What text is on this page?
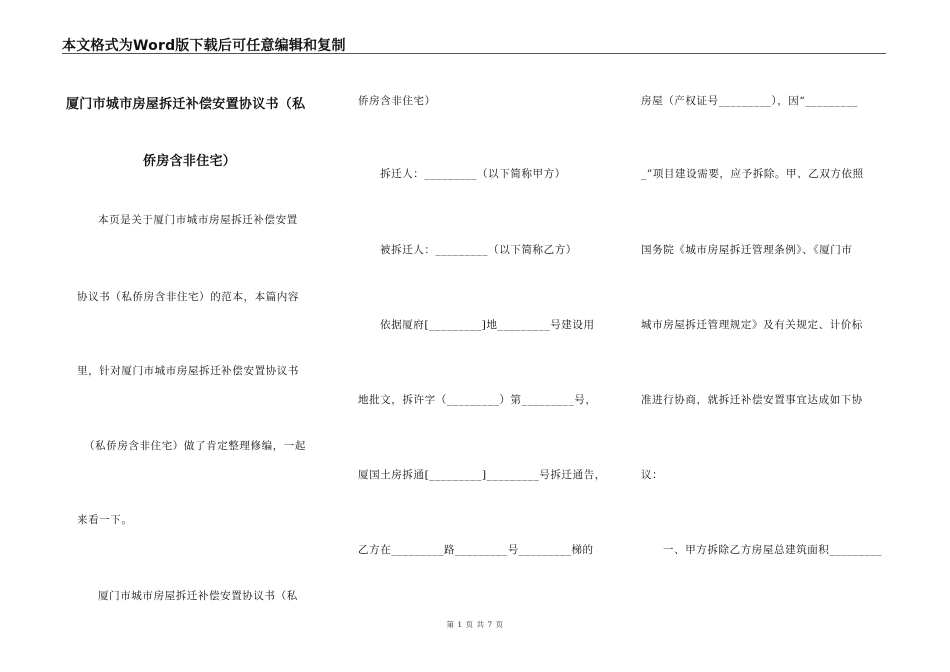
本文格式为Word版下载后可任意编辑和复制
厦门市城市房屋拆迁补偿安置协议书（私
侨房含非住宅）
本页是关于厦门市城市房屋拆迁补偿安置
协议书（私侨房含非住宅）的范本，本篇内容
里，针对厦门市城市房屋拆迁补偿安置协议书
（私侨房含非住宅）做了肯定整理修编，一起
来看一下。
厦门市城市房屋拆迁补偿安置协议书（私
侨房含非住宅）
拆迁人：_________（以下简称甲方）
被拆迁人：_________（以下简称乙方）
依据厦府[_________]地_________号建设用
地批文，拆许字（_________）第_________号，
厦国土房拆通[_________]_________号拆迁通告，
乙方在_________路_________号_________梯的
房屋（产权证号_________），因“_________
_”项目建设需要，应予拆除。甲、乙双方依照
国务院《城市房屋拆迁管理条例》、《厦门市
城市房屋拆迁管理规定》及有关规定、计价标
准进行协商，就拆迁补偿安置事宜达成如下协
议：
一、甲方拆除乙方房屋总建筑面积_________
第 1 页 共 7 页
